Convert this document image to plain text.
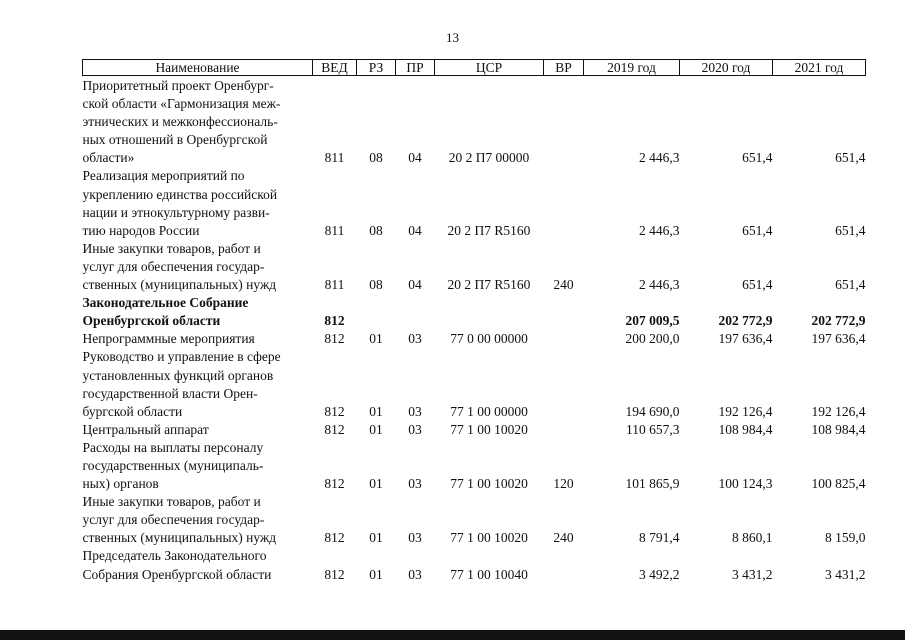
13
Наименование	ВЕД	РЗ	ПР	ЦСР	ВР	2019 год	2020 год	2021 год

Приоритетный проект Оренбург-
ской области «Гармонизация меж-
этнических и межконфессиональ-
ных отношений в Оренбургской
области»	811	08	04	20 2 П7 00000		2 446,3	651,4	651,4

Реализация мероприятий по
укреплению единства российской
нации и этнокультурному разви-
тию народов России	811	08	04	20 2 П7 R5160		2 446,3	651,4	651,4

Иные закупки товаров, работ и
услуг для обеспечения государ-
ственных (муниципальных) нужд	811	08	04	20 2 П7 R5160	240	2 446,3	651,4	651,4

Законодательное Собрание
Оренбургской области	812					207 009,5	202 772,9	202 772,9

Непрограммные мероприятия	812	01	03	77 0 00 00000		200 200,0	197 636,4	197 636,4

Руководство и управление в сфере
установленных функций органов
государственной власти Орен-
бургской области	812	01	03	77 1 00 00000		194 690,0	192 126,4	192 126,4

Центральный аппарат	812	01	03	77 1 00 10020		110 657,3	108 984,4	108 984,4

Расходы на выплаты персоналу
государственных (муниципаль-
ных) органов	812	01	03	77 1 00 10020	120	101 865,9	100 124,3	100 825,4

Иные закупки товаров, работ и
услуг для обеспечения государ-
ственных (муниципальных) нужд	812	01	03	77 1 00 10020	240	8 791,4	8 860,1	8 159,0

Председатель Законодательного
Собрания Оренбургской области	812	01	03	77 1 00 10040		3 492,2	3 431,2	3 431,2
